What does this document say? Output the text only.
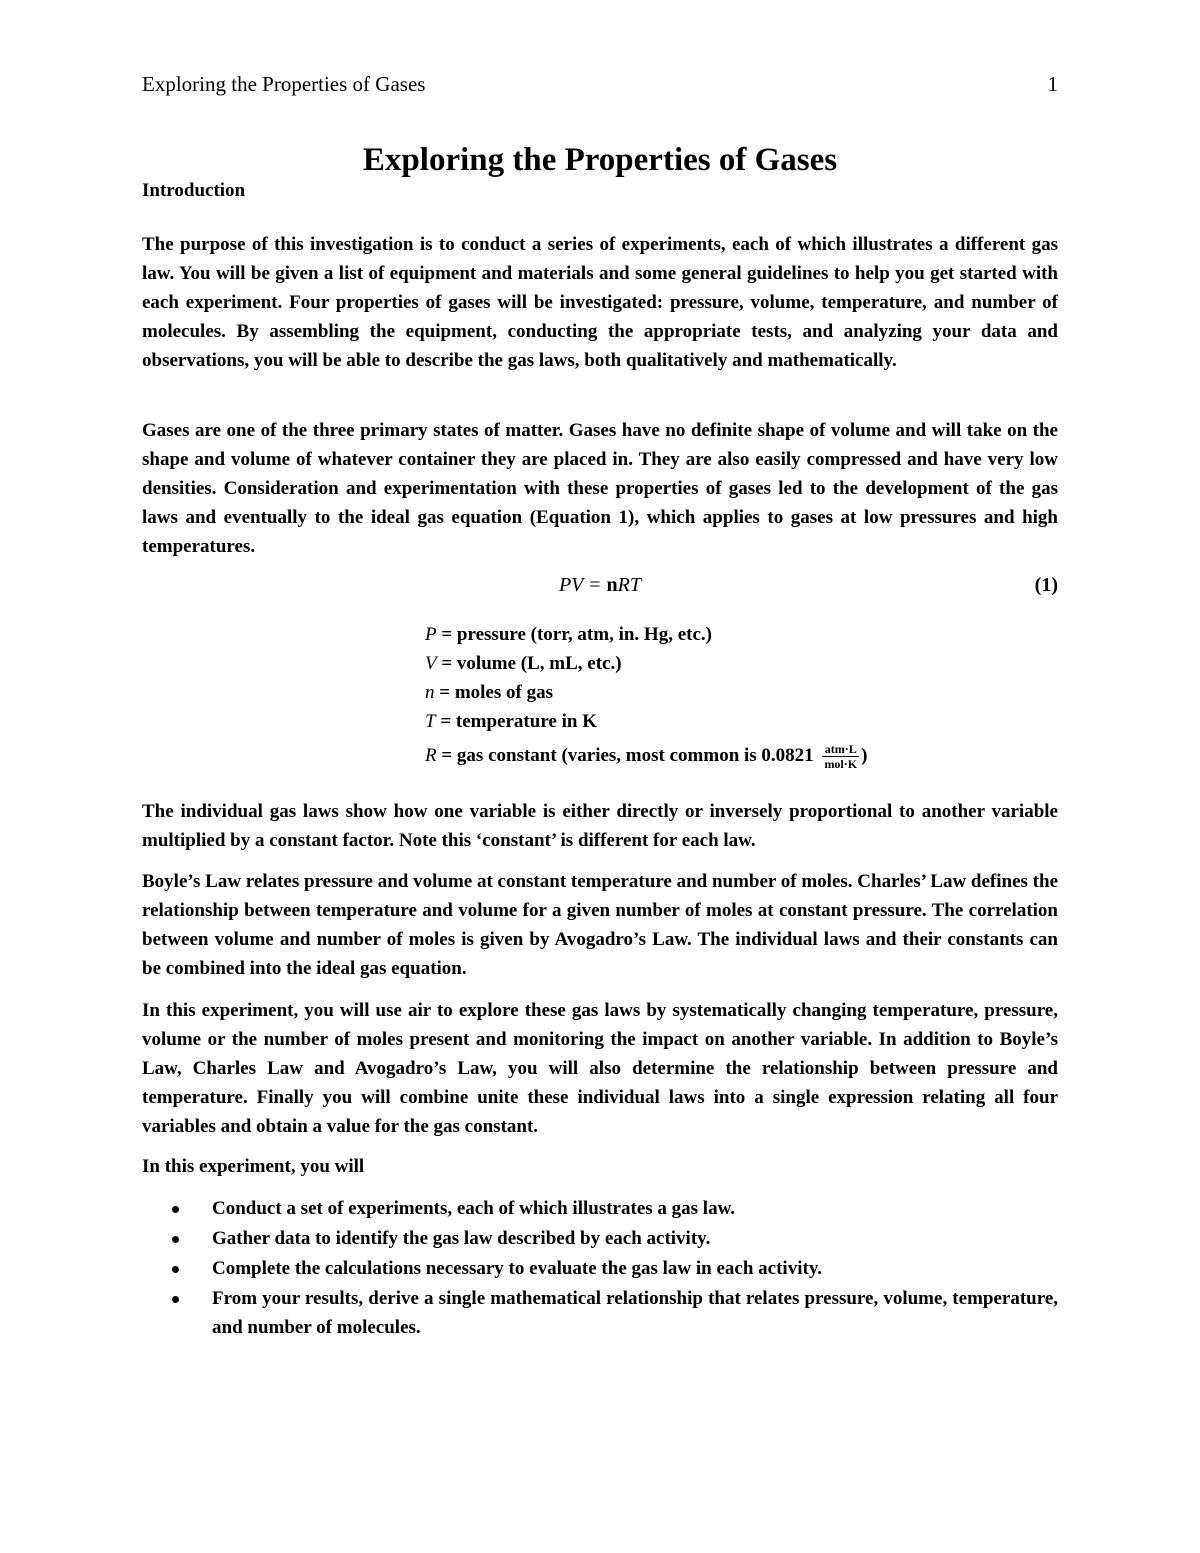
Exploring the Properties of Gases	1
Exploring the Properties of Gases
Introduction

The purpose of this investigation is to conduct a series of experiments, each of which illustrates a different gas law. You will be given a list of equipment and materials and some general guidelines to help you get started with each experiment. Four properties of gases will be investigated: pressure, volume, temperature, and number of molecules. By assembling the equipment, conducting the appropriate tests, and analyzing your data and observations, you will be able to describe the gas laws, both qualitatively and mathematically.

Gases are one of the three primary states of matter. Gases have no definite shape of volume and will take on the shape and volume of whatever container they are placed in. They are also easily compressed and have very low densities. Consideration and experimentation with these properties of gases led to the development of the gas laws and eventually to the ideal gas equation (Equation 1), which applies to gases at low pressures and high temperatures.

PV = nRT	(1)
P = pressure (torr, atm, in. Hg, etc.)
V = volume (L, mL, etc.)
n = moles of gas
T = temperature in K
R = gas constant (varies, most common is $0.0821 \frac{\text{atm·L}}{\text{mol·K}}$ )

The individual gas laws show how one variable is either directly or inversely proportional to another variable multiplied by a constant factor. Note this ‘constant’ is different for each law.

Boyle’s Law relates pressure and volume at constant temperature and number of moles. Charles’ Law defines the relationship between temperature and volume for a given number of moles at constant pressure. The correlation between volume and number of moles is given by Avogadro’s Law. The individual laws and their constants can be combined into the ideal gas equation.

In this experiment, you will use air to explore these gas laws by systematically changing temperature, pressure, volume or the number of moles present and monitoring the impact on another variable. In addition to Boyle’s Law, Charles Law and Avogadro’s Law, you will also determine the relationship between pressure and temperature. Finally you will combine unite these individual laws into a single expression relating all four variables and obtain a value for the gas constant.

In this experiment, you will

Conduct a set of experiments, each of which illustrates a gas law.
Gather data to identify the gas law described by each activity.
Complete the calculations necessary to evaluate the gas law in each activity.
From your results, derive a single mathematical relationship that relates pressure, volume, temperature, and number of molecules.
